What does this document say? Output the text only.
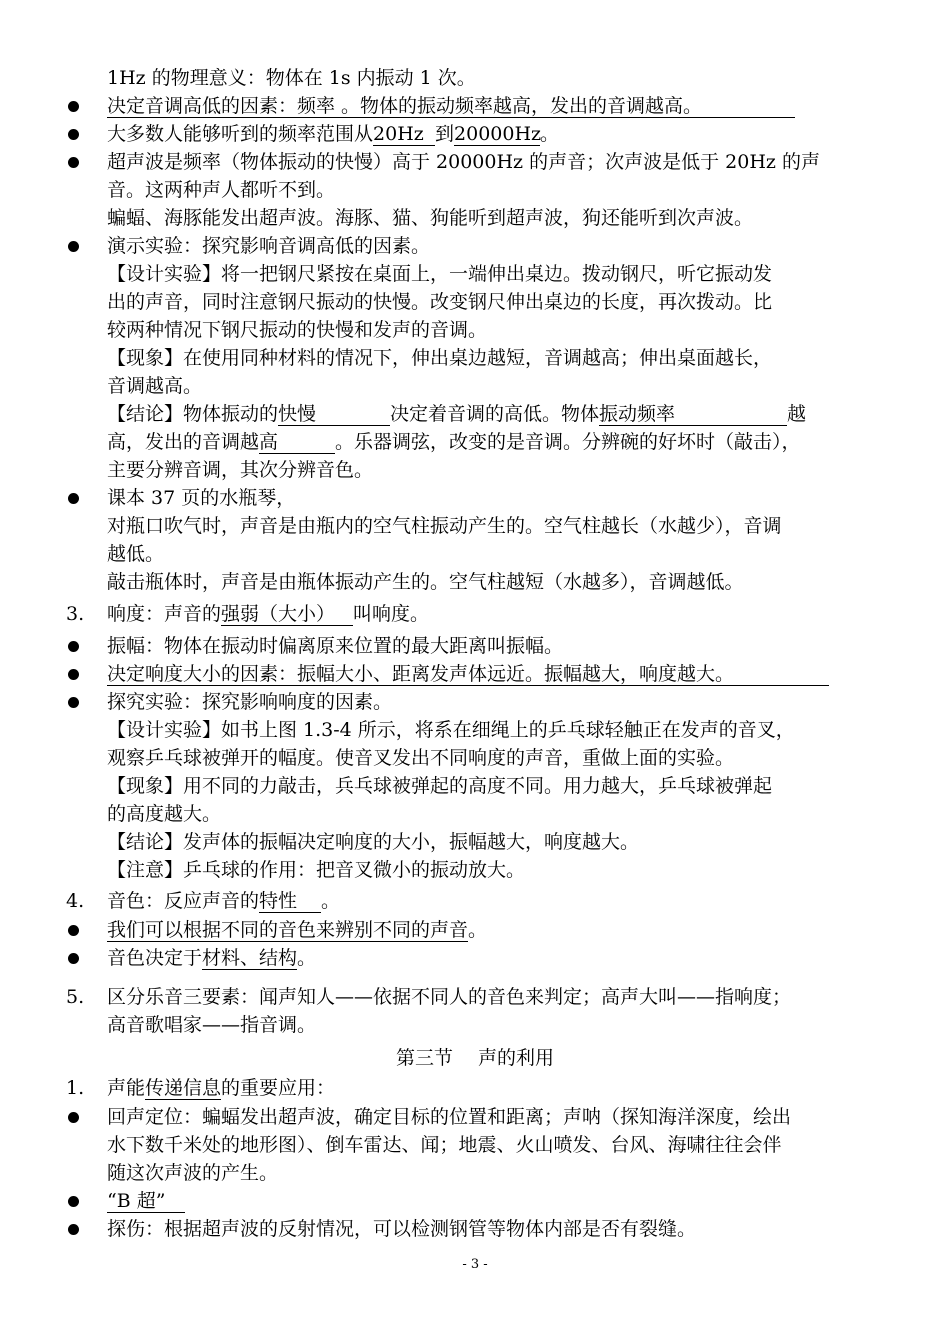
1Hz 的物理意义：物体在 1s 内振动 1 次。
决定音调高低的因素：频率 。物体的振动频率越高，发出的音调越高。
大多数人能够听到的频率范围从20Hz到20000Hz。
超声波是频率（物体振动的快慢）高于 20000Hz 的声音；次声波是低于 20Hz 的声
音。这两种声人都听不到。
蝙蝠、海豚能发出超声波。海豚、猫、狗能听到超声波，狗还能听到次声波。
演示实验：探究影响音调高低的因素。
【设计实验】将一把钢尺紧按在桌面上，一端伸出桌边。拨动钢尺，听它振动发
出的声音，同时注意钢尺振动的快慢。改变钢尺伸出桌边的长度，再次拨动。比
较两种情况下钢尺振动的快慢和发声的音调。
【现象】在使用同种材料的情况下，伸出桌边越短，音调越高；伸出桌面越长，
音调越高。
【结论】物体振动的快慢	决定着音调的高低。物体振动频率	越
高，发出的音调越高	。乐器调弦，改变的是音调。分辨碗的好坏时（敲击），
主要分辨音调，其次分辨音色。
课本 37 页的水瓶琴，
对瓶口吹气时，声音是由瓶内的空气柱振动产生的。空气柱越长（水越少），音调
越低。
敲击瓶体时，声音是由瓶体振动产生的。空气柱越短（水越多），音调越低。
3. 响度：声音的强弱（大小） 叫响度。
振幅：物体在振动时偏离原来位置的最大距离叫振幅。
决定响度大小的因素：振幅大小、距离发声体远近。振幅越大，响度越大。
探究实验：探究影响响度的因素。
【设计实验】如书上图 1.3-4 所示，将系在细绳上的乒乓球轻触正在发声的音叉，
观察乒乓球被弹开的幅度。使音叉发出不同响度的声音，重做上面的实验。
【现象】用不同的力敲击，兵乓球被弹起的高度不同。用力越大，乒乓球被弹起
的高度越大。
【结论】发声体的振幅决定响度的大小，振幅越大，响度越大。
【注意】乒乓球的作用：把音叉微小的振动放大。
4. 音色：反应声音的特性。
我们可以根据不同的音色来辨别不同的声音。
音色决定于材料、结构。
5. 区分乐音三要素：闻声知人——依据不同人的音色来判定；高声大叫——指响度；
高音歌唱家——指音调。
第三节　 声的利用
1. 声能传递信息的重要应用：
回声定位：蝙蝠发出超声波，确定目标的位置和距离；声呐（探知海洋深度，绘出
水下数千米处的地形图）、倒车雷达、闻；地震、火山喷发、台风、海啸往往会伴
随这次声波的产生。
“B 超”
探伤：根据超声波的反射情况，可以检测钢管等物体内部是否有裂缝。
- 3 -
